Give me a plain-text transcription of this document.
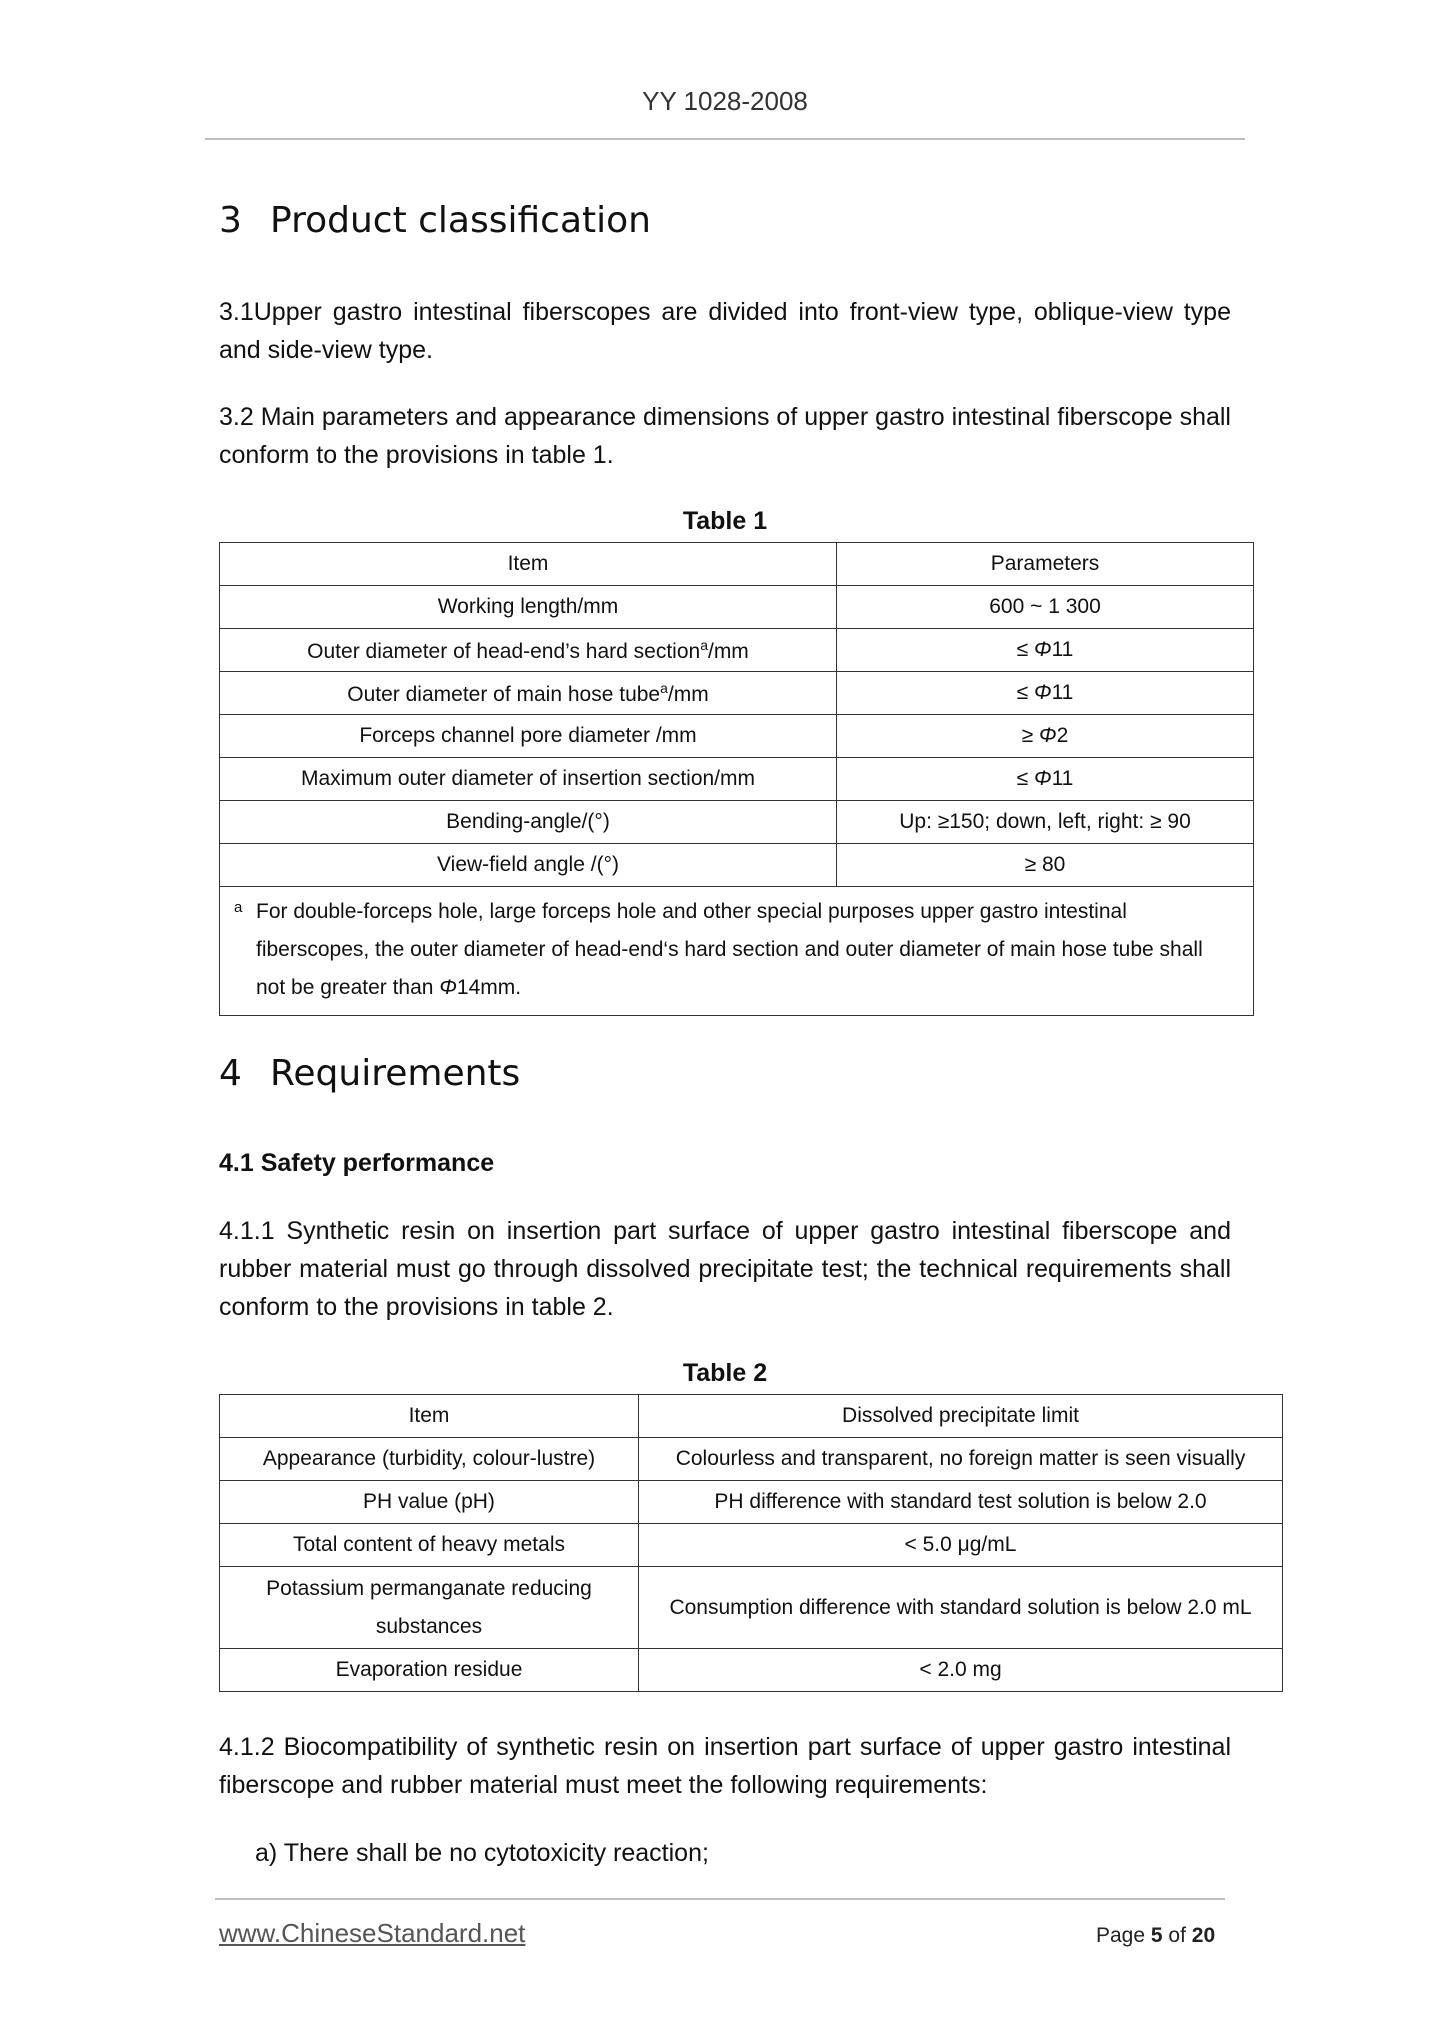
YY 1028-2008
3 Product classification
3.1Upper gastro intestinal fiberscopes are divided into front-view type, oblique-view type and side-view type.
3.2 Main parameters and appearance dimensions of upper gastro intestinal fiberscope shall conform to the provisions in table 1.
Table 1
Item	Parameters
Working length/mm	600 ~ 1 300
Outer diameter of head-end’s hard section$^a$/mm	≤ Φ11
Outer diameter of main hose tube$^a$/mm	≤ Φ11
Forceps channel pore diameter /mm	≥ Φ2
Maximum outer diameter of insertion section/mm	≤ Φ11
Bending-angle/(°)	Up: ≥150; down, left, right: ≥ 90
View-field angle /(°)	≥ 80
a For double-forceps hole, large forceps hole and other special purposes upper gastro intestinal fiberscopes, the outer diameter of head-end‘s hard section and outer diameter of main hose tube shall not be greater than Φ14mm.	
4 Requirements
4.1 Safety performance
4.1.1 Synthetic resin on insertion part surface of upper gastro intestinal fiberscope and rubber material must go through dissolved precipitate test; the technical requirements shall conform to the provisions in table 2.
Table 2
Item	Dissolved precipitate limit
Appearance (turbidity, colour-lustre)	Colourless and transparent, no foreign matter is seen visually
PH value (pH)	PH difference with standard test solution is below 2.0
Total content of heavy metals	< 5.0 μg/mL
Potassium permanganate reducing substances	Consumption difference with standard solution is below 2.0 mL
Evaporation residue	< 2.0 mg
4.1.2 Biocompatibility of synthetic resin on insertion part surface of upper gastro intestinal fiberscope and rubber material must meet the following requirements:
a) There shall be no cytotoxicity reaction;
www.ChineseStandard.net	Page 5 of 20
